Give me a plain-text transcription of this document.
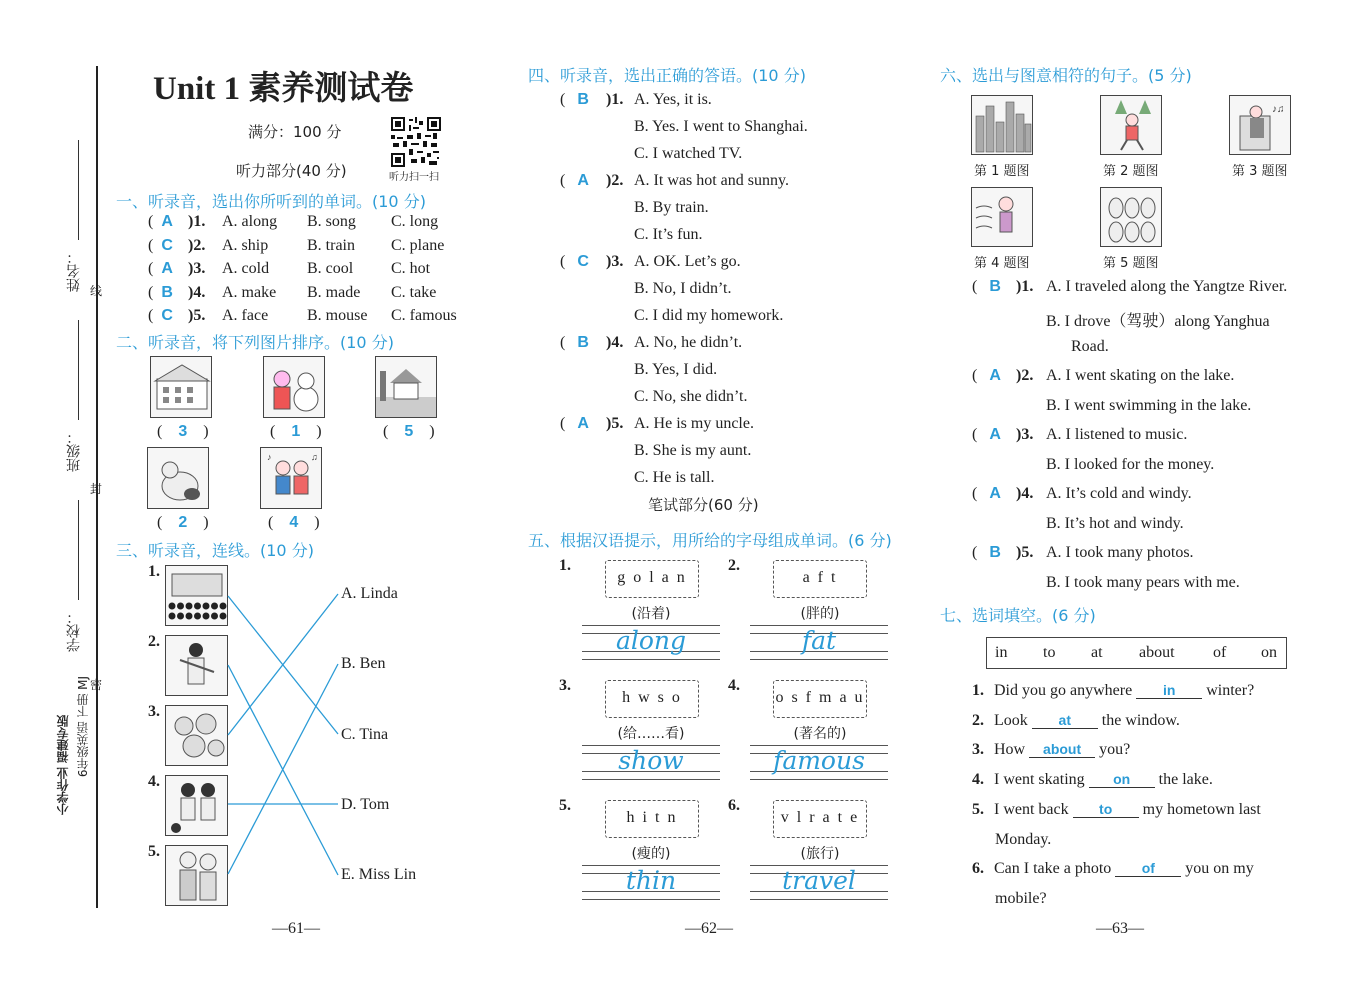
姓名： 线
班级：
封
学校：
密
小学作业 福建专版 6年级英语 下册 MJ
Unit 1 素养测试卷
满分：100 分
听力扫一扫
听力部分(40 分)
一、听录音，选出你所听到的单词。(10 分)
(  A )1. A. along B. song C. long
(  C )2. A. ship B. train C. plane
(  A )3. A. cold B. cool C. hot
(  B )4. A. make B. made C. take
(  C )5. A. face B. mouse C. famous
二、听录音，将下列图片排序。(10 分)
♪	♫
(    3    )	(    1    )	(    5    )
(    2    )	(    4    )
三、听录音，连线。(10 分)
1.
2.
3.
4.
5.
A. Linda
B. Ben
C. Tina
D. Tom
E. Miss Lin
—61—
四、听录音，选出正确的答语。(10 分)
(   B )1. A. Yes, it is.
B. Yes. I went to Shanghai.
C. I watched TV.
(   A )2. A. It was hot and sunny.
B. By train.
C. It’s fun.
(   C )3. A. OK. Let’s go.
B. No, I didn’t.
C. I did my homework.
(   B )4. A. No, he didn’t.
B. Yes, I did.
C. No, she didn’t.
(   A )5. A. He is my uncle.
B. She is my aunt.
C. He is tall.
笔试部分(60 分)
五、根据汉语提示，用所给的字母组成单词。(6 分)
1.
g o l a n
(沿着)
along
2.
a f t
(胖的)
fat
3.
h w s o
(给……看)
show
4.
o s f m a u
(著名的)
famous
5.
h i t n
(瘦的)
thin
6.
v l r a t e
(旅行)
travel
—62—
六、选出与图意相符的句子。(5 分)
♪♫
第 1 题图	第 2 题图	第 3 题图
第 4 题图	第 5 题图
(   B )1. A. I traveled along the Yangtze River.
B. I drove（驾驶）along Yanghua
Road.
(   A )2. A. I went skating on the lake.
B. I went swimming in the lake.
(   A )3. A. I listened to music.
B. I looked for the money.
(   A )4. A. It’s cold and windy.
B. It’s hot and windy.
(   B )5. A. I took many photos.
B. I took many pears with me.
七、选词填空。(6 分)
in to at about of on
1. Did you go anywhere in winter?
2. Look at the window.
3. How about you?
4. I went skating on the lake.
5. I went back to my hometown last
Monday.
6. Can I take a photo of you on my
mobile?
—63—
